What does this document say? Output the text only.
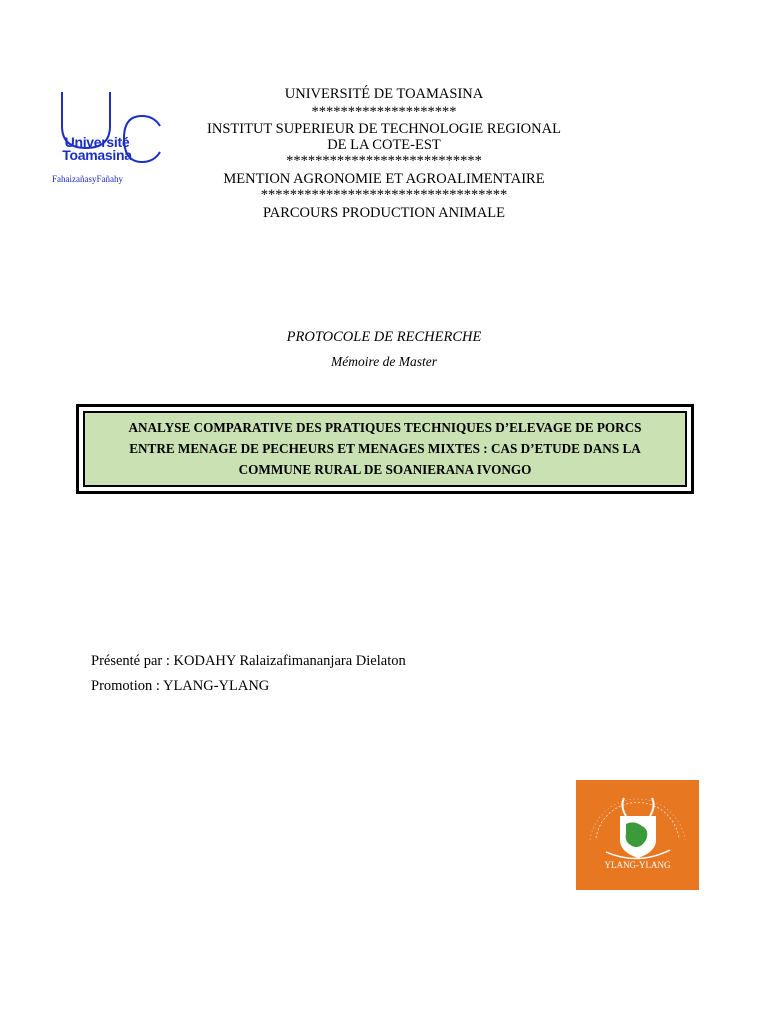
Université
Toamasina
FahaizañasyFañahy
UNIVERSITÉ DE TOAMASINA
********************
INSTITUT SUPERIEUR DE TECHNOLOGIE REGIONAL
DE LA COTE-EST
***************************
MENTION AGRONOMIE ET AGROALIMENTAIRE
**********************************
PARCOURS PRODUCTION ANIMALE
PROTOCOLE DE RECHERCHE
Mémoire de Master
ANALYSE COMPARATIVE DES PRATIQUES TECHNIQUES D’ELEVAGE DE PORCS
ENTRE MENAGE DE PECHEURS ET MENAGES MIXTES : CAS D’ETUDE DANS LA
COMMUNE RURAL DE SOANIERANA IVONGO
Présenté par : KODAHY Ralaizafimananjara Dielaton
Promotion : YLANG-YLANG
YLANG-YLANG
